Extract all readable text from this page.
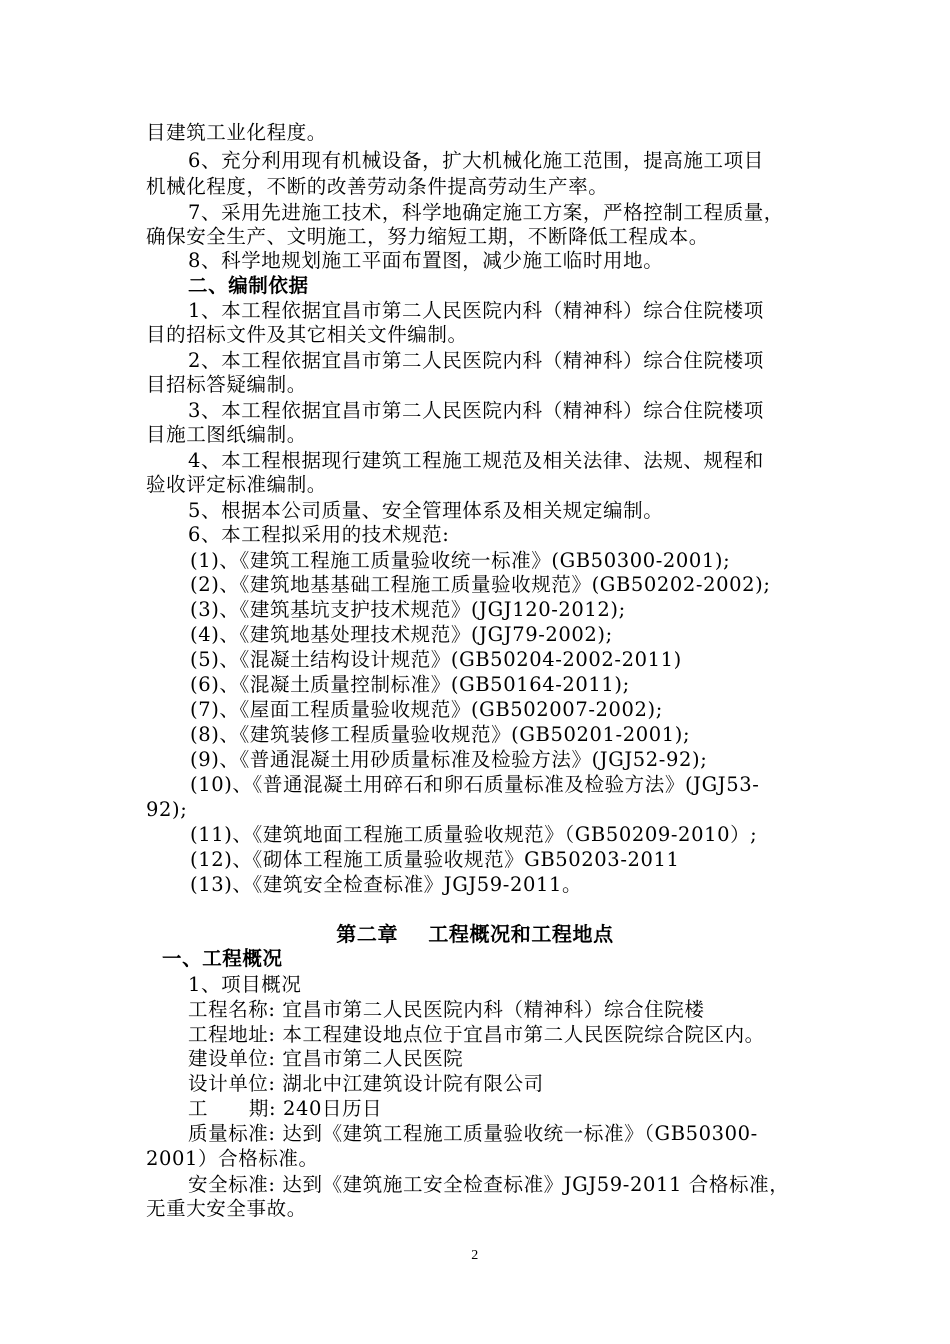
目建筑工业化程度。
6、充分利用现有机械设备，扩大机械化施工范围，提高施工项目
机械化程度，不断的改善劳动条件提高劳动生产率。
7、采用先进施工技术，科学地确定施工方案，严格控制工程质量，
确保安全生产、文明施工，努力缩短工期，不断降低工程成本。
8、科学地规划施工平面布置图，减少施工临时用地。
二、编制依据
1、本工程依据宜昌市第二人民医院内科（精神科）综合住院楼项
目的招标文件及其它相关文件编制。
2、本工程依据宜昌市第二人民医院内科（精神科）综合住院楼项
目招标答疑编制。
3、本工程依据宜昌市第二人民医院内科（精神科）综合住院楼项
目施工图纸编制。
4、本工程根据现行建筑工程施工规范及相关法律、法规、规程和
验收评定标准编制。
5、根据本公司质量、安全管理体系及相关规定编制。
6、本工程拟采用的技术规范:
(1)、《建筑工程施工质量验收统一标准》(GB50300-2001);
(2)、《建筑地基基础工程施工质量验收规范》(GB50202-2002);
(3)、《建筑基坑支护技术规范》(JGJ120-2012);
(4)、《建筑地基处理技术规范》(JGJ79-2002);
(5)、《混凝土结构设计规范》(GB50204-2002-2011)
(6)、《混凝土质量控制标准》(GB50164-2011);
(7)、《屋面工程质量验收规范》(GB502007-2002);
(8)、《建筑装修工程质量验收规范》(GB50201-2001);
(9)、《普通混凝土用砂质量标准及检验方法》(JGJ52-92);
(10)、《普通混凝土用碎石和卵石质量标准及检验方法》(JGJ53-
92);
(11)、《建筑地面工程施工质量验收规范》（GB50209-2010）;
(12)、《砌体工程施工质量验收规范》GB50203-2011
(13)、《建筑安全检查标准》JGJ59-2011。
第二章    工程概况和工程地点
一、工程概况
1、项目概况
工程名称: 宜昌市第二人民医院内科（精神科）综合住院楼
工程地址: 本工程建设地点位于宜昌市第二人民医院综合院区内。
建设单位: 宜昌市第二人民医院
设计单位: 湖北中江建筑设计院有限公司
工      期: 240日历日
质量标准: 达到《建筑工程施工质量验收统一标准》（GB50300-
2001）合格标准。
安全标准: 达到《建筑施工安全检查标准》JGJ59-2011 合格标准，
无重大安全事故。
2
